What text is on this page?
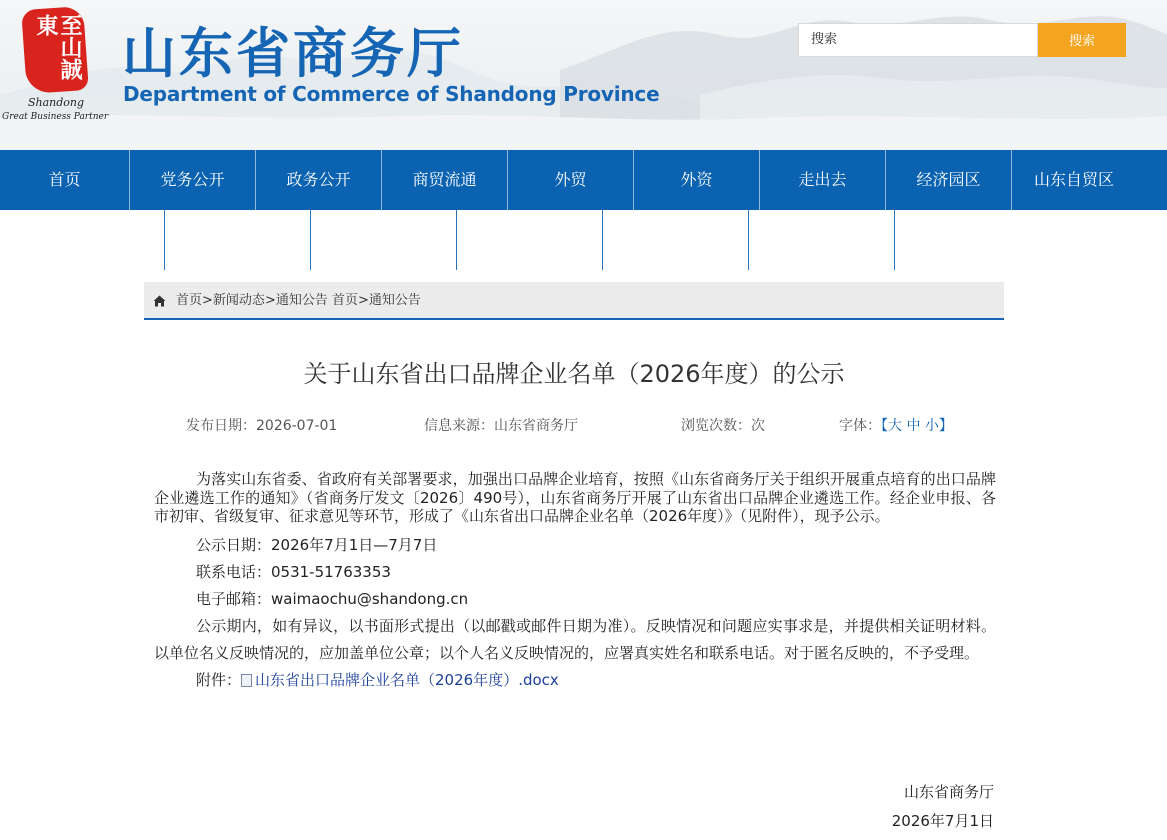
至山誠東
Shandong
Great Business Partner
山东省商务厅
Department of Commerce of Shandong Province
搜索	搜索
首页	党务公开	政务公开	商贸流通	外贸	外资	走出去	经济园区	山东自贸区
首页>新闻动态>通知公告 首页>通知公告
关于山东省出口品牌企业名单（2026年度）的公示
发布日期：2026-07-01	信息来源：山东省商务厅	浏览次数：次	字体：【大 中 小】

为落实山东省委、省政府有关部署要求，加强出口品牌企业培育，按照《山东省商务厅关于组织开展重点培育的出口品牌企业遴选工作的通知》（省商务厅发文〔2026〕490号），山东省商务厅开展了山东省出口品牌企业遴选工作。经企业申报、各市初审、省级复审、征求意见等环节，形成了《山东省出口品牌企业名单（2026年度）》（见附件），现予公示。

公示日期：2026年7月1日—7月7日

联系电话：0531-51763353

电子邮箱：waimaochu@shandong.cn

公示期内，如有异议，以书面形式提出（以邮戳或邮件日期为准）。反映情况和问题应实事求是，并提供相关证明材料。以单位名义反映情况的，应加盖单位公章；以个人名义反映情况的，应署真实姓名和联系电话。对于匿名反映的，不予受理。

附件： 山东省出口品牌企业名单（2026年度）.docx

山东省商务厅
2026年7月1日
